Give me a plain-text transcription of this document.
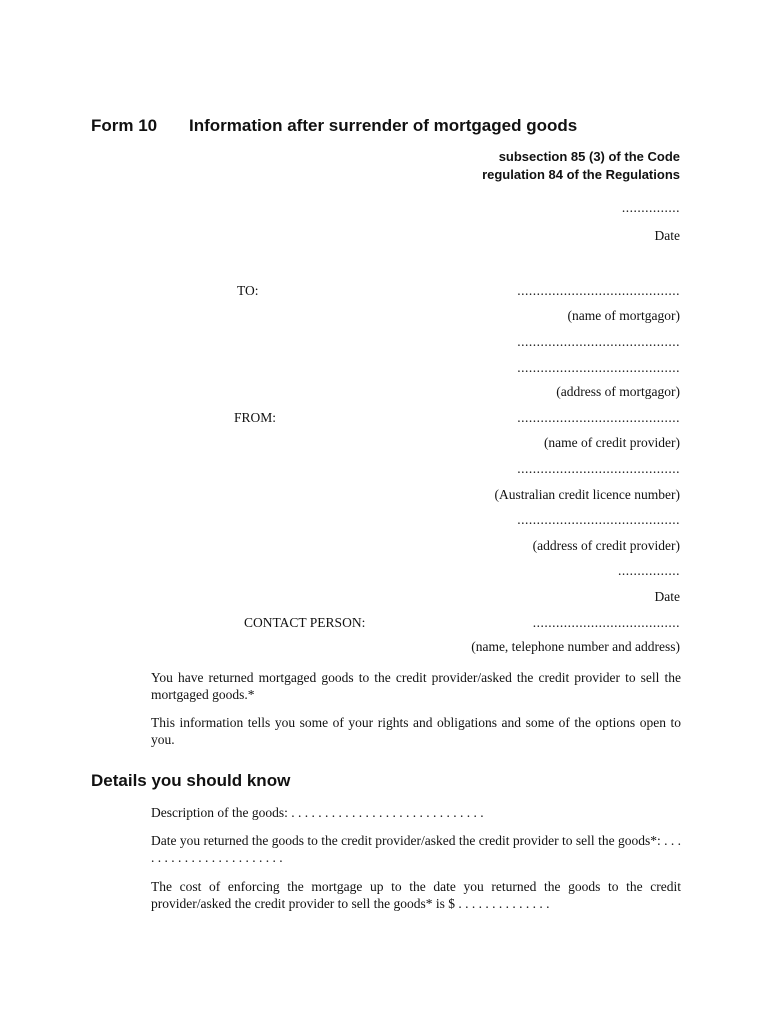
Form 10 Information after surrender of mortgaged goods
subsection 85 (3) of the Code
regulation 84 of the Regulations
...............
Date
TO:	..........................................
(name of mortgagor)
..........................................
..........................................
(address of mortgagor)
FROM:	..........................................
(name of credit provider)
..........................................
(Australian credit licence number)
..........................................
(address of credit provider)
................
Date
CONTACT PERSON:	......................................
(name, telephone number and address)
You have returned mortgaged goods to the credit provider/asked the credit provider to sell the mortgaged goods.*
This information tells you some of your rights and obligations and some of the options open to you.
Details you should know
Description of the goods: . . . . . . . . . . . . . . . . . . . . . . . . . . . . .
Date you returned the goods to the credit provider/asked the credit provider to sell the goods*: . . . . . . . . . . . . . . . . . . . . . . .
The cost of enforcing the mortgage up to the date you returned the goods to the credit provider/asked the credit provider to sell the goods* is $ . . . . . . . . . . . . . .
